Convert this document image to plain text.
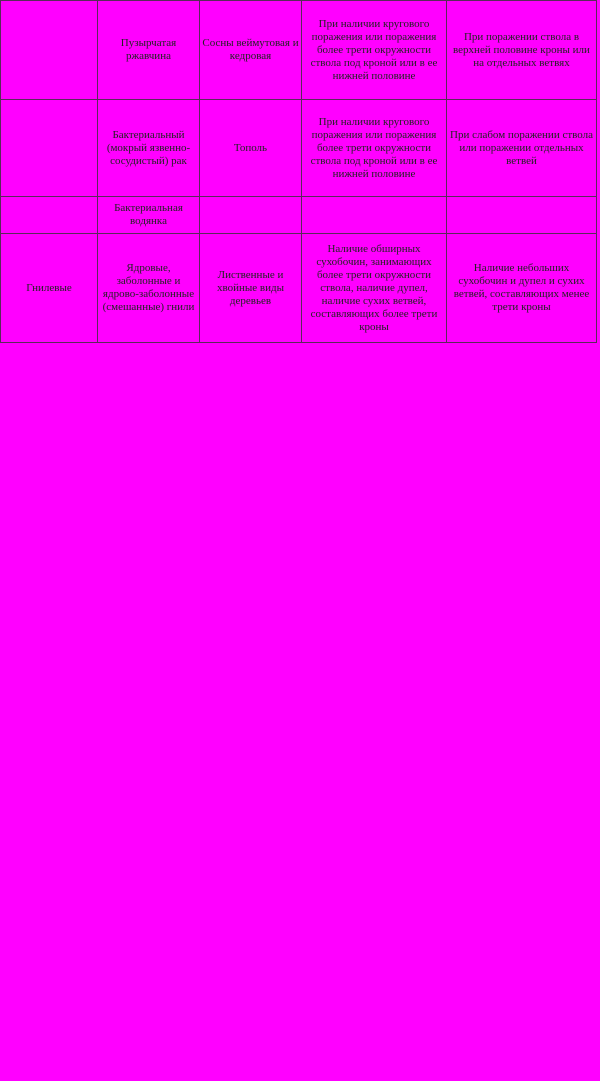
	Пузырчатая ржавчина	Сосны веймутовая и кедровая	При наличии кругового поражения или поражения более трети окружности ствола под кроной или в ее нижней половине	При поражении ствола в верхней половине кроны или на отдельных ветвях
	Бактериальный (мокрый язвенно-сосудистый) рак	Тополь	При наличии кругового поражения или поражения более трети окружности ствола под кроной или в ее нижней половине	При слабом поражении ствола или поражении отдельных ветвей
	Бактериальная водянка			
Гнилевые	Ядровые, заболонные и ядрово-заболонные (смешанные) гнили	Лиственные и хвойные виды деревьев	Наличие обширных сухобочин, занимающих более трети окружности ствола, наличие дупел, наличие сухих ветвей, составляющих более трети кроны	Наличие небольших сухобочин и дупел и сухих ветвей, составляющих менее трети кроны
